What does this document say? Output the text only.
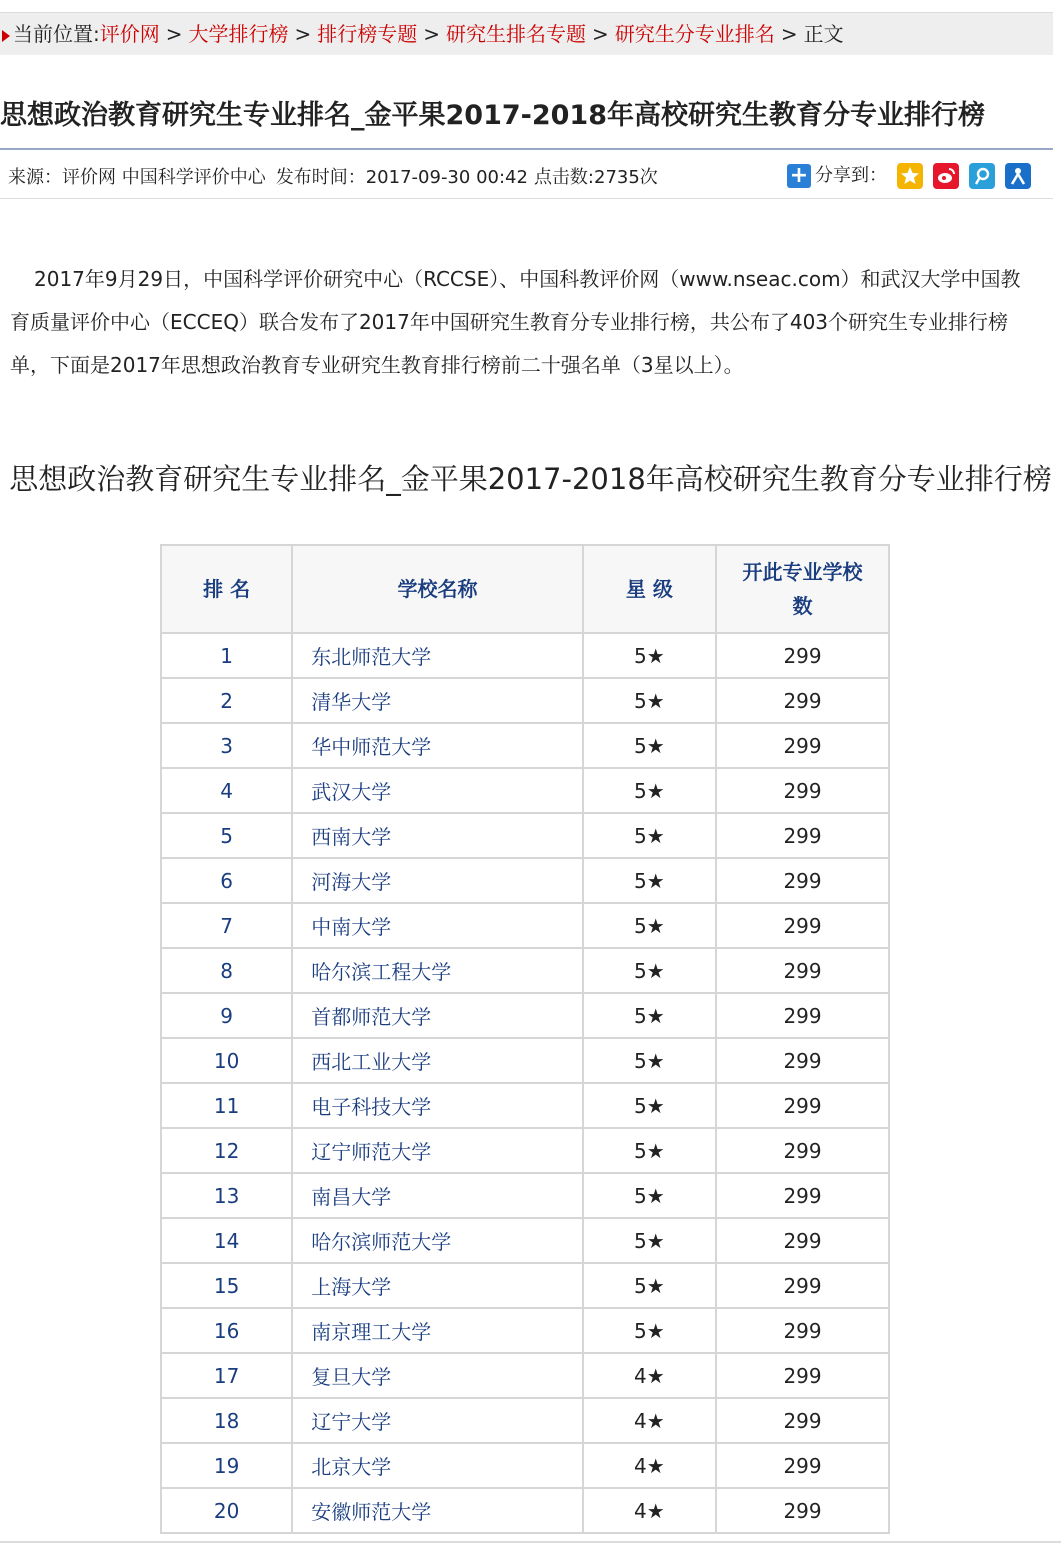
当前位置:评价网 > 大学排行榜 > 排行榜专题 > 研究生排名专题 > 研究生分专业排名 > 正文
思想政治教育研究生专业排名_金平果2017-2018年高校研究生教育分专业排行榜
来源：评价网 中国科学评价中心 发布时间：2017-09-30 00:42 点击数:2735次	+ 分享到：

2017年9月29日，中国科学评价研究中心（RCCSE）、中国科教评价网（www.nseac.com）和武汉大学中国教育质量评价中心（ECCEQ）联合发布了2017年中国研究生教育分专业排行榜，共公布了403个研究生专业排行榜单，下面是2017年思想政治教育专业研究生教育排行榜前二十强名单（3星以上）。

思想政治教育研究生专业排名_金平果2017-2018年高校研究生教育分专业排行榜
排 名	学校名称	星 级	开此专业学校数
1	东北师范大学	5★	299
2	清华大学	5★	299
3	华中师范大学	5★	299
4	武汉大学	5★	299
5	西南大学	5★	299
6	河海大学	5★	299
7	中南大学	5★	299
8	哈尔滨工程大学	5★	299
9	首都师范大学	5★	299
10	西北工业大学	5★	299
11	电子科技大学	5★	299
12	辽宁师范大学	5★	299
13	南昌大学	5★	299
14	哈尔滨师范大学	5★	299
15	上海大学	5★	299
16	南京理工大学	5★	299
17	复旦大学	4★	299
18	辽宁大学	4★	299
19	北京大学	4★	299
20	安徽师范大学	4★	299
